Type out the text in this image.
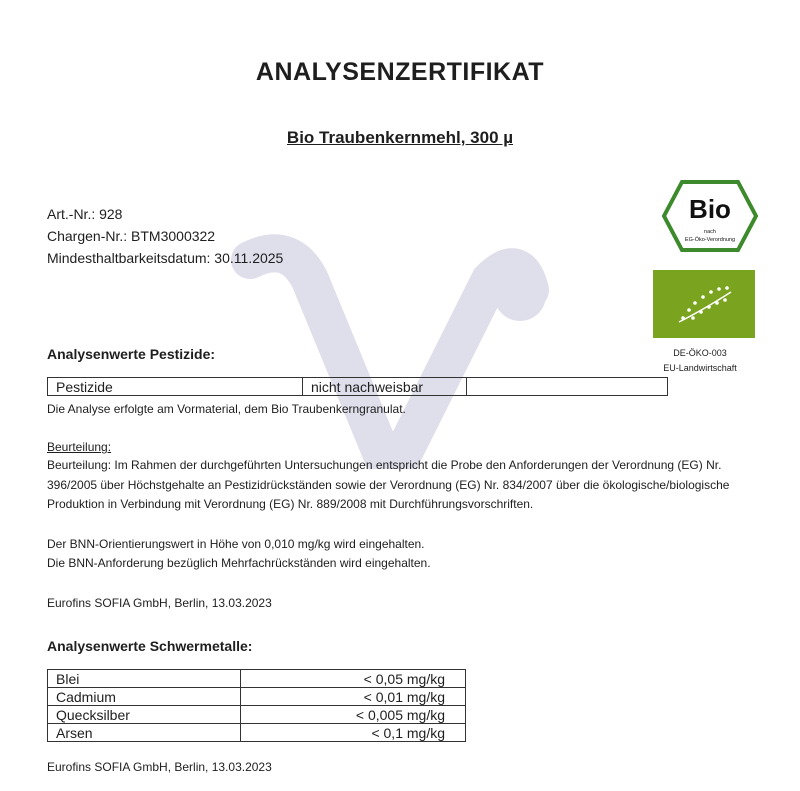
ANALYSENZERTIFIKAT
Bio Traubenkernmehl, 300 µ
Art.-Nr.: 928
Chargen-Nr.: BTM3000322
Mindesthaltbarkeitsdatum: 30.11.2025
Bio
nach
EG-Öko-Verordnung
DE-ÖKO-003
EU-Landwirtschaft
Analysenwerte Pestizide:
Pestizide	nicht nachweisbar	
Die Analyse erfolgte am Vormaterial, dem Bio Traubenkerngranulat.
Beurteilung:
Beurteilung: Im Rahmen der durchgeführten Untersuchungen entspricht die Probe den Anforderungen der Verordnung (EG) Nr. 396/2005 über Höchstgehalte an Pestizidrückständen sowie der Verordnung (EG) Nr. 834/2007 über die ökologische/biologische Produktion in Verbindung mit Verordnung (EG) Nr. 889/2008 mit Durchführungsvorschriften.
Der BNN-Orientierungswert in Höhe von 0,010 mg/kg wird eingehalten.
Die BNN-Anforderung bezüglich Mehrfachrückständen wird eingehalten.
Eurofins SOFIA GmbH, Berlin, 13.03.2023
Analysenwerte Schwermetalle:
Blei	< 0,05 mg/kg
Cadmium	< 0,01 mg/kg
Quecksilber	< 0,005 mg/kg
Arsen	< 0,1 mg/kg
Eurofins SOFIA GmbH, Berlin, 13.03.2023
